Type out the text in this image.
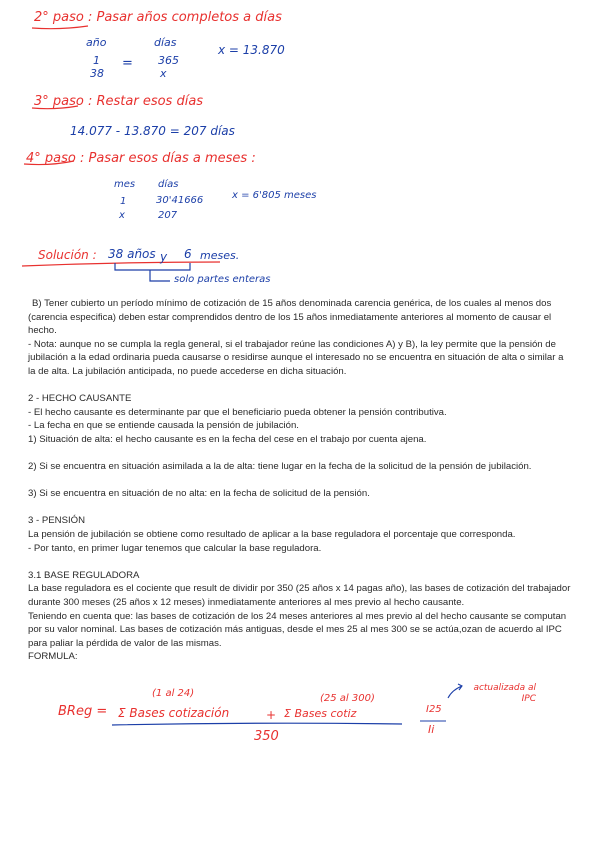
2° paso : Pasar años completos a días
año	días
1 = 365
38	x
x = 13.870
3° paso : Restar esos días
14.077 - 13.870 = 207 días
4° paso : Pasar esos días a meses :
mes días
1	30'41666
x	207
x = 6'805 meses
Solución : 38 años y 6 meses.
solo partes enteras

B) Tener cubierto un período mínimo de cotización de 15 años denominada carencia genérica, de los cuales al menos dos (carencia especifica) deben estar comprendidos dentro de los 15 años inmediatamente anteriores al momento de causar el hecho.

- Nota: aunque no se cumpla la regla general, si el trabajador reúne las condiciones A) y B), la ley permite que la pensión de jubilación a la edad ordinaria pueda causarse o residirse aunque el interesado no se encuentra en situación de alta o similar a la de alta. La jubilación anticipada, no puede accederse en dicha situación.

2 - HECHO CAUSANTE

- El hecho causante es determinante par que el beneficiario pueda obtener la pensión contributiva.

- La fecha en que se entiende causada la pensión de jubilación.

1) Situación de alta: el hecho causante es en la fecha del cese en el trabajo por cuenta ajena.

2) Si se encuentra en situación asimilada a la de alta: tiene lugar en la fecha de la solicitud de la pensión de jubilación.

3) Si se encuentra en situación de no alta: en la fecha de solicitud de la pensión.

3 - PENSIÓN

La pensión de jubilación se obtiene como resultado de aplicar a la base reguladora el porcentaje que corresponda.

- Por tanto, en primer lugar tenemos que calcular la base reguladora.

3.1 BASE REGULADORA

La base reguladora es el cociente que result de dividir por 350 (25 años x 14 pagas año), las bases de cotización del trabajador durante 300 meses (25 años x 12 meses) inmediatamente anteriores al mes previo al hecho causante.

Teniendo en cuenta que: las bases de cotización de los 24 meses anteriores al mes previo al del hecho causante se computan por su valor nominal. Las bases de cotización más antiguas, desde el mes 25 al mes 300 se se actúa,ozan de acuerdo al IPC para paliar la pérdida de valor de las mismas.

FORMULA:

BReg =
(1 al 24)
Σ Bases cotización	+
(25 al 300)
Σ Bases cotiz	I25
Ii
350
actualizada al IPC
